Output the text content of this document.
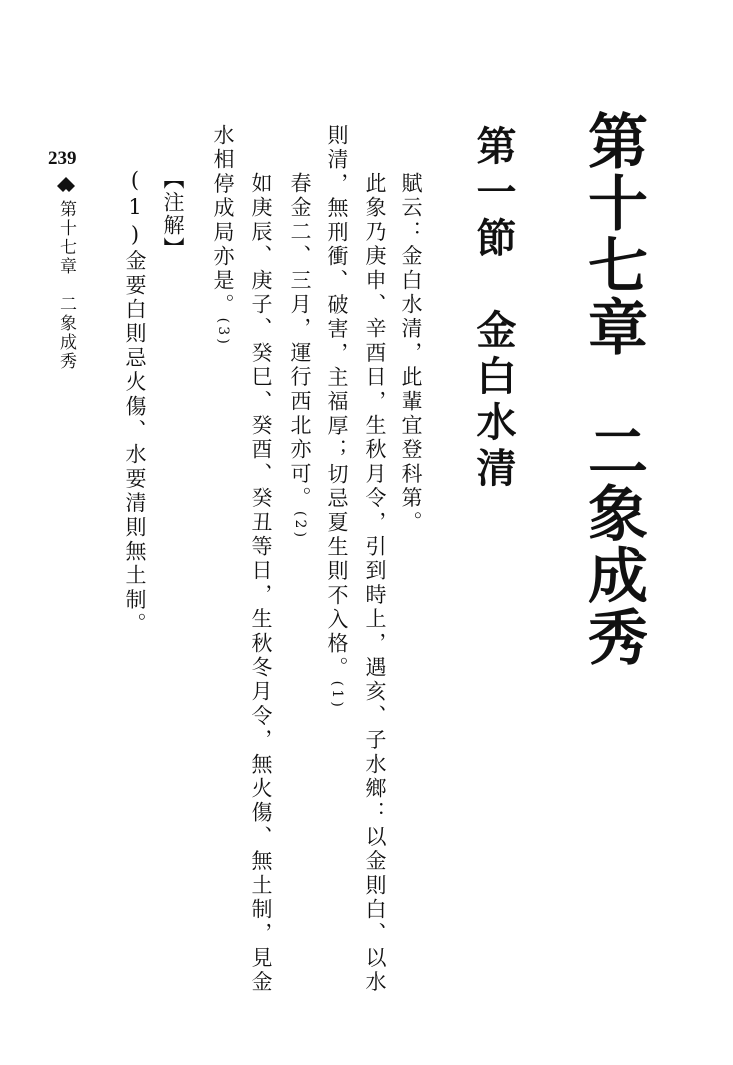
第十七章　二象成秀
第一節　金白水清
賦云：金白水清，此輩宜登科第。
此象乃庚申、辛酉日，生秋月令，引到時上，遇亥、子水鄉：以金則白、以水
則清，無刑衝、破害，主福厚；切忌夏生則不入格。(1)
春金二、三月，運行西北亦可。(2)
如庚辰、庚子、癸巳、癸酉、癸丑等日，生秋冬月令，無火傷、無土制，見金
水相停成局亦是。(3)
【注解】
(1)金要白則忌火傷、水要清則無土制。
239
第十七章　二象成秀
